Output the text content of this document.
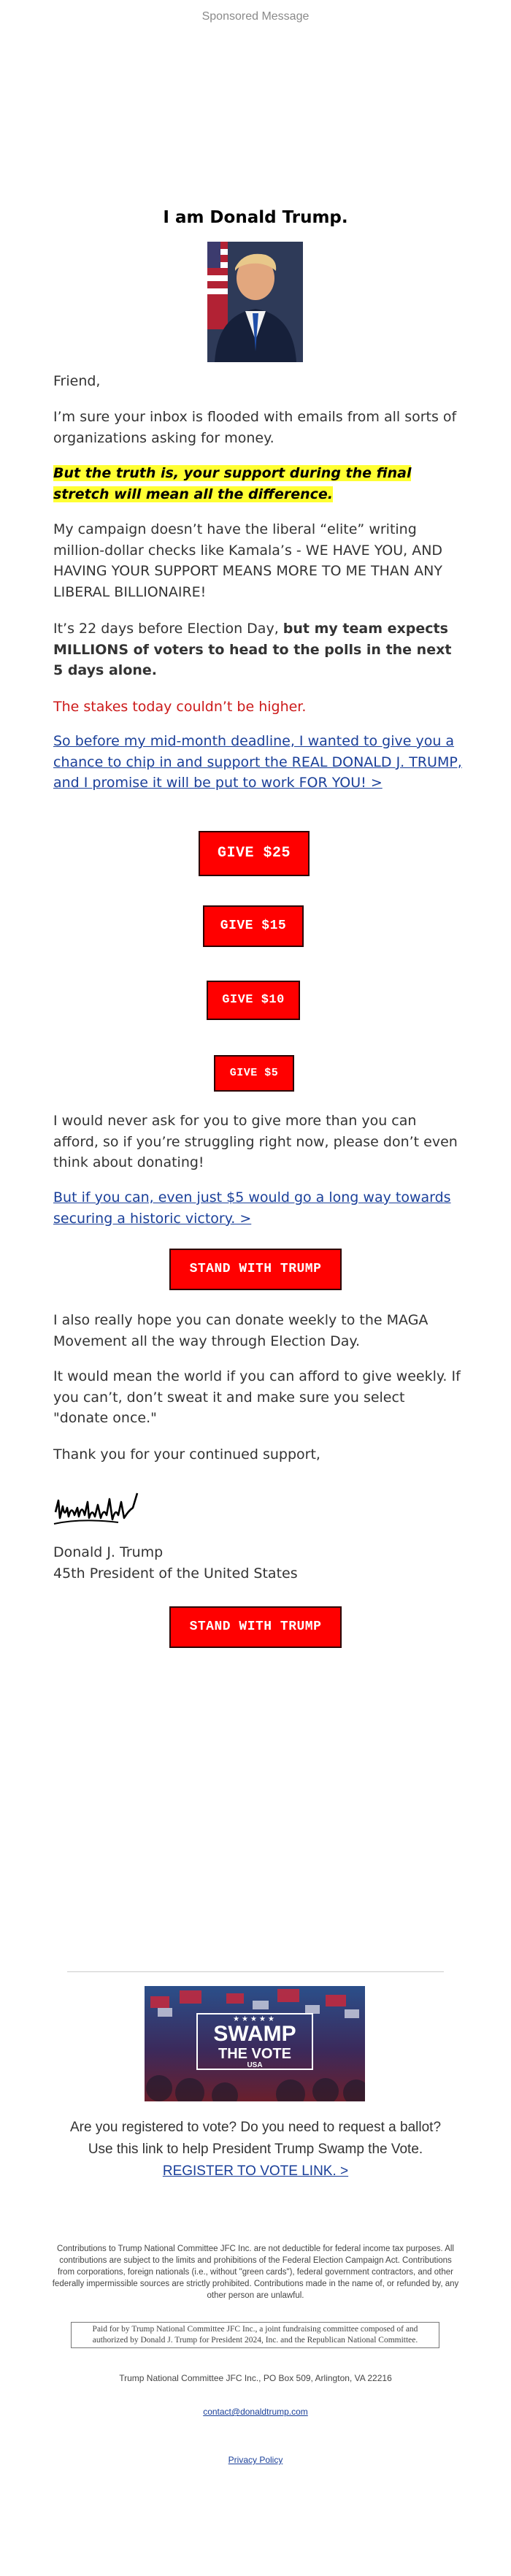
Sponsored Message
I am Donald Trump.

Friend,

I’m sure your inbox is flooded with emails from all sorts of organizations asking for money.

But the truth is, your support during the final stretch will mean all the difference.

My campaign doesn’t have the liberal “elite” writing million-dollar checks like Kamala’s - WE HAVE YOU, AND HAVING YOUR SUPPORT MEANS MORE TO ME THAN ANY LIBERAL BILLIONAIRE!

It’s 22 days before Election Day, but my team expects MILLIONS of voters to head to the polls in the next 5 days alone.

The stakes today couldn’t be higher.

So before my mid-month deadline, I wanted to give you a chance to chip in and support the REAL DONALD J. TRUMP, and I promise it will be put to work FOR YOU! >

GIVE $25
GIVE $15
GIVE $10
GIVE $5

I would never ask for you to give more than you can afford, so if you’re struggling right now, please don’t even think about donating!

But if you can, even just $5 would go a long way towards securing a historic victory. >

STAND WITH TRUMP

I also really hope you can donate weekly to the MAGA Movement all the way through Election Day.

It would mean the world if you can afford to give weekly. If you can’t, don’t sweat it and make sure you select "donate once."

Thank you for your continued support,

Donald J. Trump

45th President of the United States

STAND WITH TRUMP
★★★★★
SWAMP
THE VOTE
USA
Are you registered to vote? Do you need to request a ballot?
Use this link to help President Trump Swamp the Vote.
REGISTER TO VOTE LINK. >
Contributions to Trump National Committee JFC Inc. are not deductible for federal income tax purposes. All contributions are subject to the limits and prohibitions of the Federal Election Campaign Act. Contributions from corporations, foreign nationals (i.e., without "green cards"), federal government contractors, and other federally impermissible sources are strictly prohibited. Contributions made in the name of, or refunded by, any other person are unlawful.
Paid for by Trump National Committee JFC Inc., a joint fundraising committee composed of and authorized by Donald J. Trump for President 2024, Inc. and the Republican National Committee.
Trump National Committee JFC Inc., PO Box 509, Arlington, VA 22216
contact@donaldtrump.com
Privacy Policy
